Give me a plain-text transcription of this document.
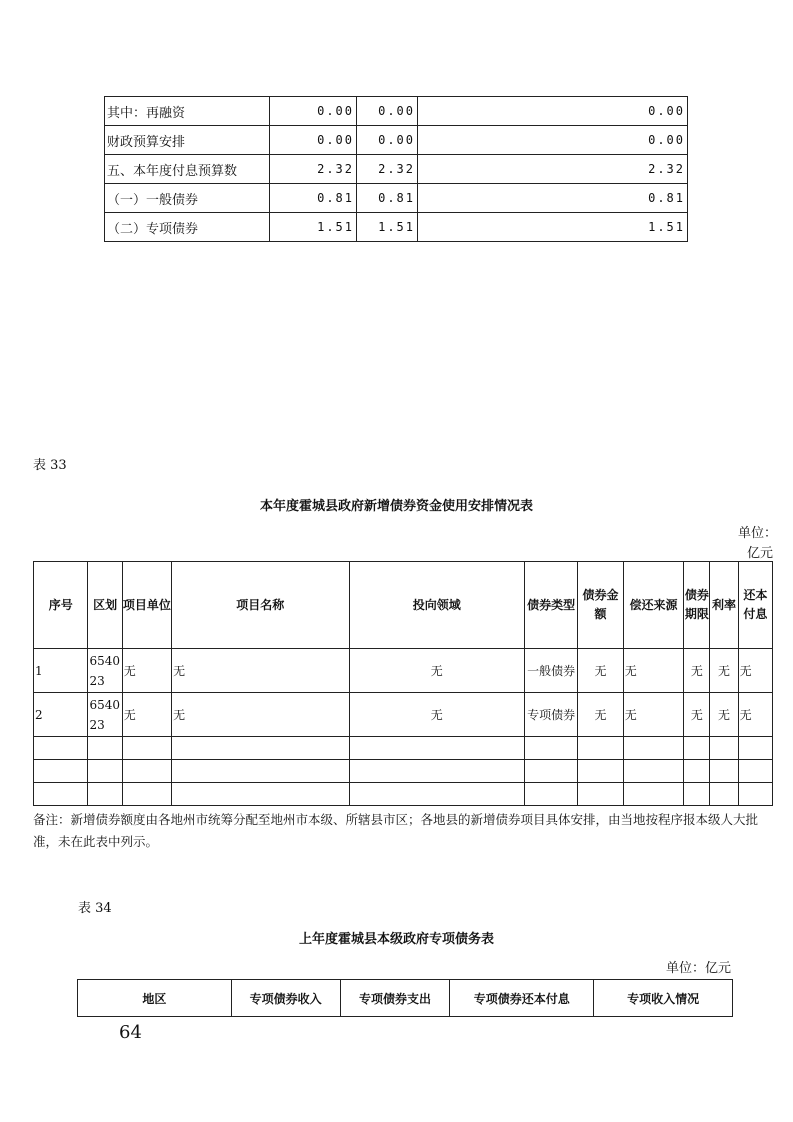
其中：再融资	0.00	0.00	0.00
财政预算安排	0.00	0.00	0.00
五、本年度付息预算数	2.32	2.32	2.32
（一）一般债券	0.81	0.81	0.81
（二）专项债券	1.51	1.51	1.51
表 33
本年度霍城县政府新增债券资金使用安排情况表
单位：
亿元
序号	区划	项目单位	项目名称	投向领域	债券类型	债券金额	偿还来源	债券期限	利率	还本付息
1	654023	无	无	无	一般债券	无	无	无	无	无
2	654023	无	无	无	专项债券	无	无	无	无	无

备注：新增债券额度由各地州市统筹分配至地州市本级、所辖县市区；各地县的新增债券项目具体安排，由当地按程序报本级人大批准，未在此表中列示。
表 34
上年度霍城县本级政府专项债务表
单位：亿元
地区	专项债券收入	专项债券支出	专项债券还本付息	专项收入情况
64
